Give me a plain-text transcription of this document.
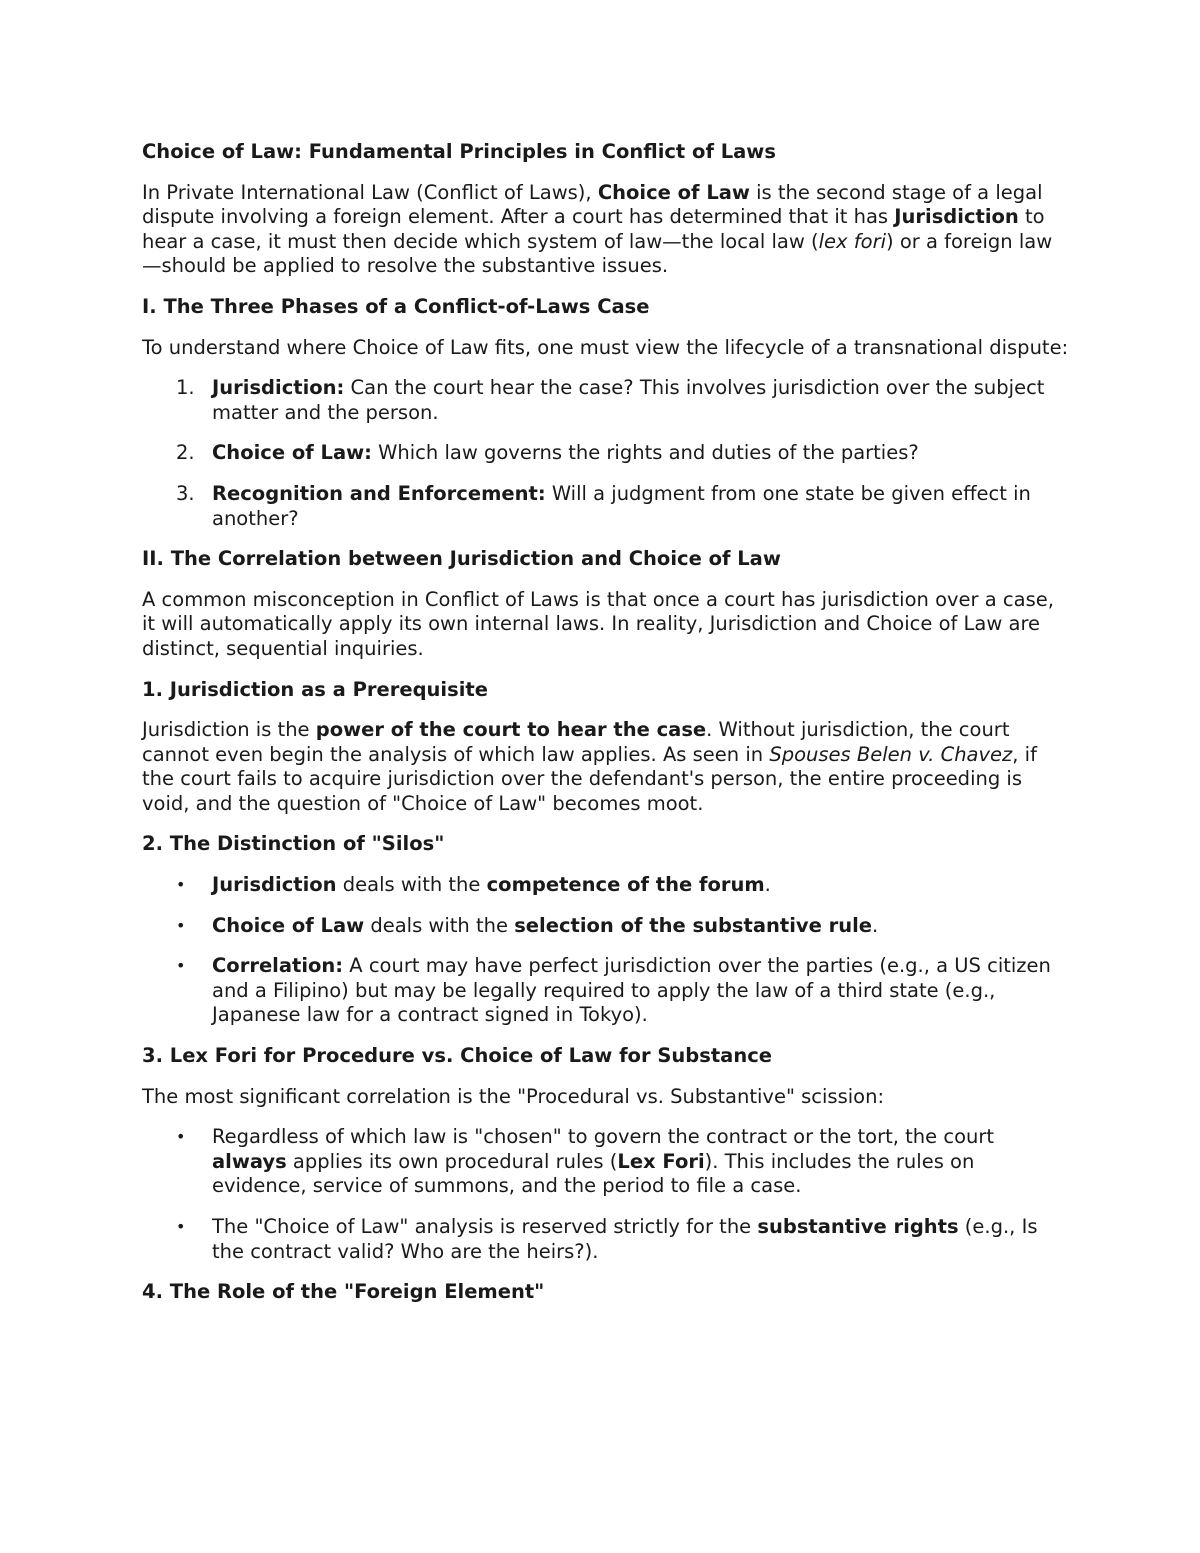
Choice of Law: Fundamental Principles in Conflict of Laws

In Private International Law (Conflict of Laws), Choice of Law is the second stage of a legal dispute involving a foreign element. After a court has determined that it has Jurisdiction to hear a case, it must then decide which system of law—the local law (lex fori) or a foreign law —should be applied to resolve the substantive issues.

I. The Three Phases of a Conflict-of-Laws Case

To understand where Choice of Law fits, one must view the lifecycle of a transnational dispute:

1. Jurisdiction: Can the court hear the case? This involves jurisdiction over the subject matter and the person.
2. Choice of Law: Which law governs the rights and duties of the parties?
3. Recognition and Enforcement: Will a judgment from one state be given effect in another?
II. The Correlation between Jurisdiction and Choice of Law

A common misconception in Conflict of Laws is that once a court has jurisdiction over a case, it will automatically apply its own internal laws. In reality, Jurisdiction and Choice of Law are distinct, sequential inquiries.

1. Jurisdiction as a Prerequisite

Jurisdiction is the power of the court to hear the case. Without jurisdiction, the court cannot even begin the analysis of which law applies. As seen in Spouses Belen v. Chavez, if the court fails to acquire jurisdiction over the defendant's person, the entire proceeding is void, and the question of "Choice of Law" becomes moot.

2. The Distinction of "Silos"
• Jurisdiction deals with the competence of the forum.
• Choice of Law deals with the selection of the substantive rule.
• Correlation: A court may have perfect jurisdiction over the parties (e.g., a US citizen and a Filipino) but may be legally required to apply the law of a third state (e.g., Japanese law for a contract signed in Tokyo).
3. Lex Fori for Procedure vs. Choice of Law for Substance

The most significant correlation is the "Procedural vs. Substantive" scission:

• Regardless of which law is "chosen" to govern the contract or the tort, the court always applies its own procedural rules (Lex Fori). This includes the rules on evidence, service of summons, and the period to file a case.
• The "Choice of Law" analysis is reserved strictly for the substantive rights (e.g., Is the contract valid? Who are the heirs?).
4. The Role of the "Foreign Element"
